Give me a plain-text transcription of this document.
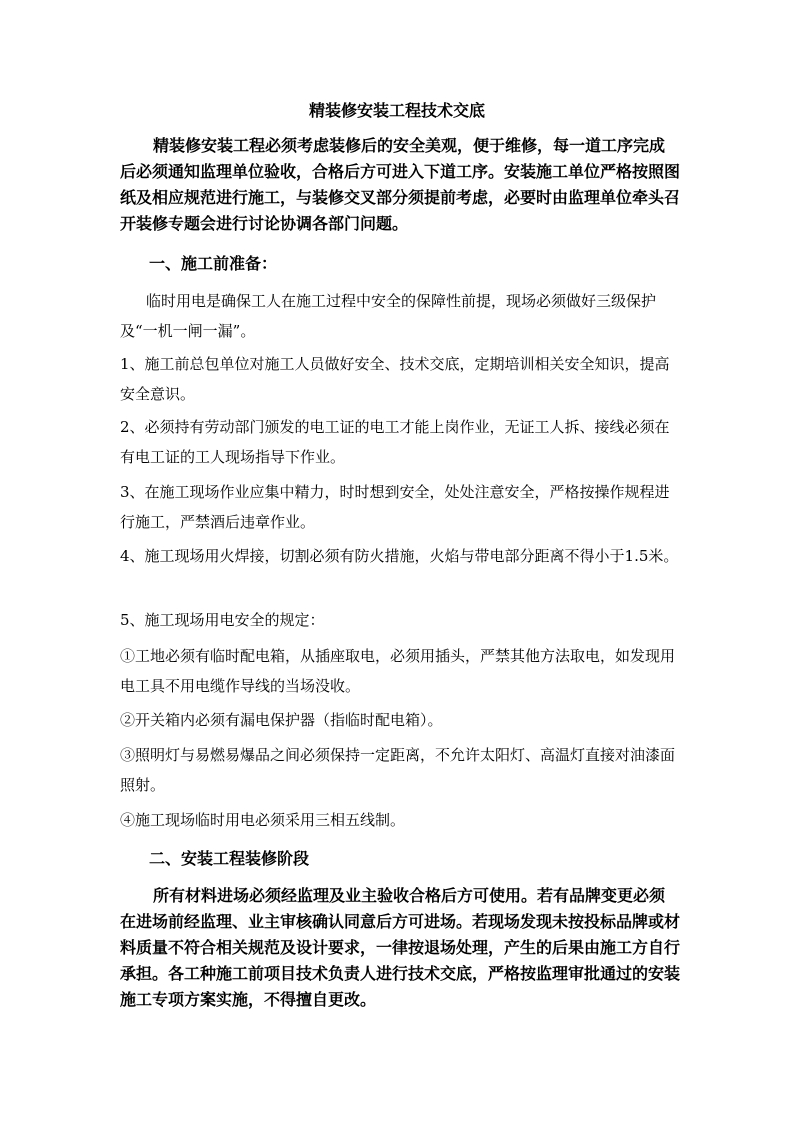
精装修安装工程技术交底

精装修安装工程必须考虑装修后的安全美观，便于维修，每一道工序完成后必须通知监理单位验收，合格后方可进入下道工序。安装施工单位严格按照图纸及相应规范进行施工，与装修交叉部分须提前考虑，必要时由监理单位牵头召开装修专题会进行讨论协调各部门问题。

一、施工前准备：

临时用电是确保工人在施工过程中安全的保障性前提，现场必须做好三级保护及“一机一闸一漏”。

1、施工前总包单位对施工人员做好安全、技术交底，定期培训相关安全知识，提高安全意识。

2、必须持有劳动部门颁发的电工证的电工才能上岗作业，无证工人拆、接线必须在有电工证的工人现场指导下作业。

3、在施工现场作业应集中精力，时时想到安全，处处注意安全，严格按操作规程进行施工，严禁酒后违章作业。

4、施工现场用火焊接，切割必须有防火措施，火焰与带电部分距离不得小于1.5米。

5、施工现场用电安全的规定：

①工地必须有临时配电箱，从插座取电，必须用插头，严禁其他方法取电，如发现用电工具不用电缆作导线的当场没收。

②开关箱内必须有漏电保护器（指临时配电箱）。

③照明灯与易燃易爆品之间必须保持一定距离，不允许太阳灯、高温灯直接对油漆面照射。

④施工现场临时用电必须采用三相五线制。

二、安装工程装修阶段

所有材料进场必须经监理及业主验收合格后方可使用。若有品牌变更必须在进场前经监理、业主审核确认同意后方可进场。若现场发现未按投标品牌或材料质量不符合相关规范及设计要求，一律按退场处理，产生的后果由施工方自行承担。各工种施工前项目技术负责人进行技术交底，严格按监理审批通过的安装施工专项方案实施，不得擅自更改。
